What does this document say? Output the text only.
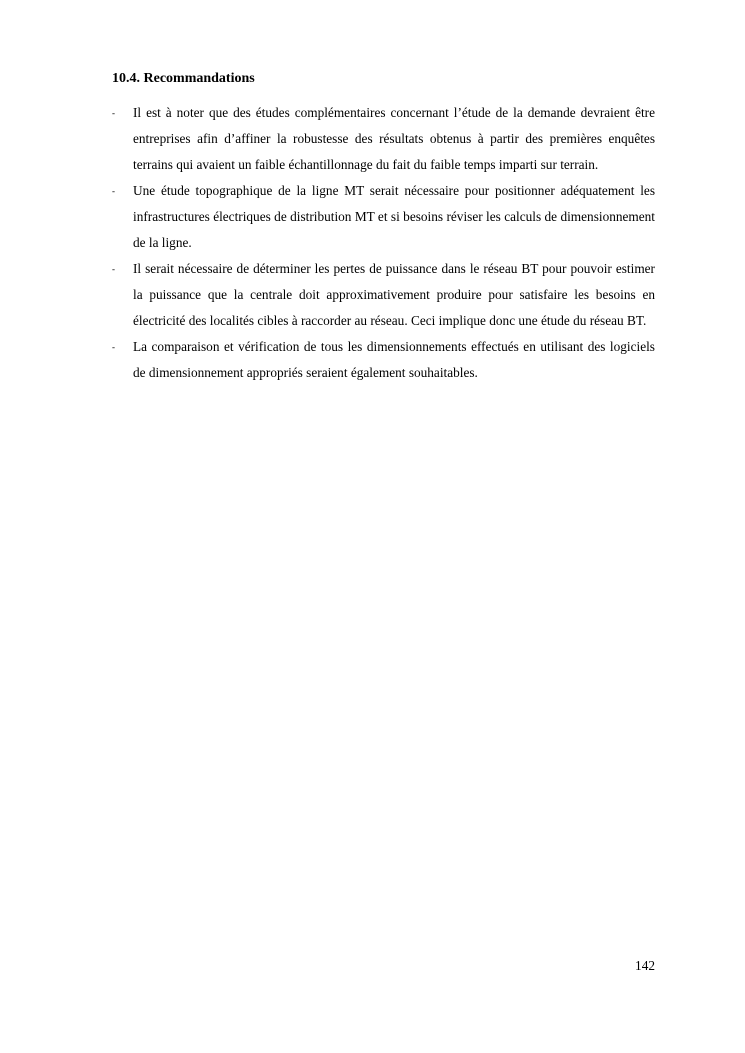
10.4. Recommandations
- Il est à noter que des études complémentaires concernant l’étude de la demande devraient être entreprises afin d’affiner la robustesse des résultats obtenus à partir des premières enquêtes terrains qui avaient un faible échantillonnage du fait du faible temps imparti sur terrain.
- Une étude topographique de la ligne MT serait nécessaire pour positionner adéquatement les infrastructures électriques de distribution MT et si besoins réviser les calculs de dimensionnement de la ligne.
- Il serait nécessaire de déterminer les pertes de puissance dans le réseau BT pour pouvoir estimer la puissance que la centrale doit approximativement produire pour satisfaire les besoins en électricité des localités cibles à raccorder au réseau. Ceci implique donc une étude du réseau BT.
- La comparaison et vérification de tous les dimensionnements effectués en utilisant des logiciels de dimensionnement appropriés seraient également souhaitables.
142
